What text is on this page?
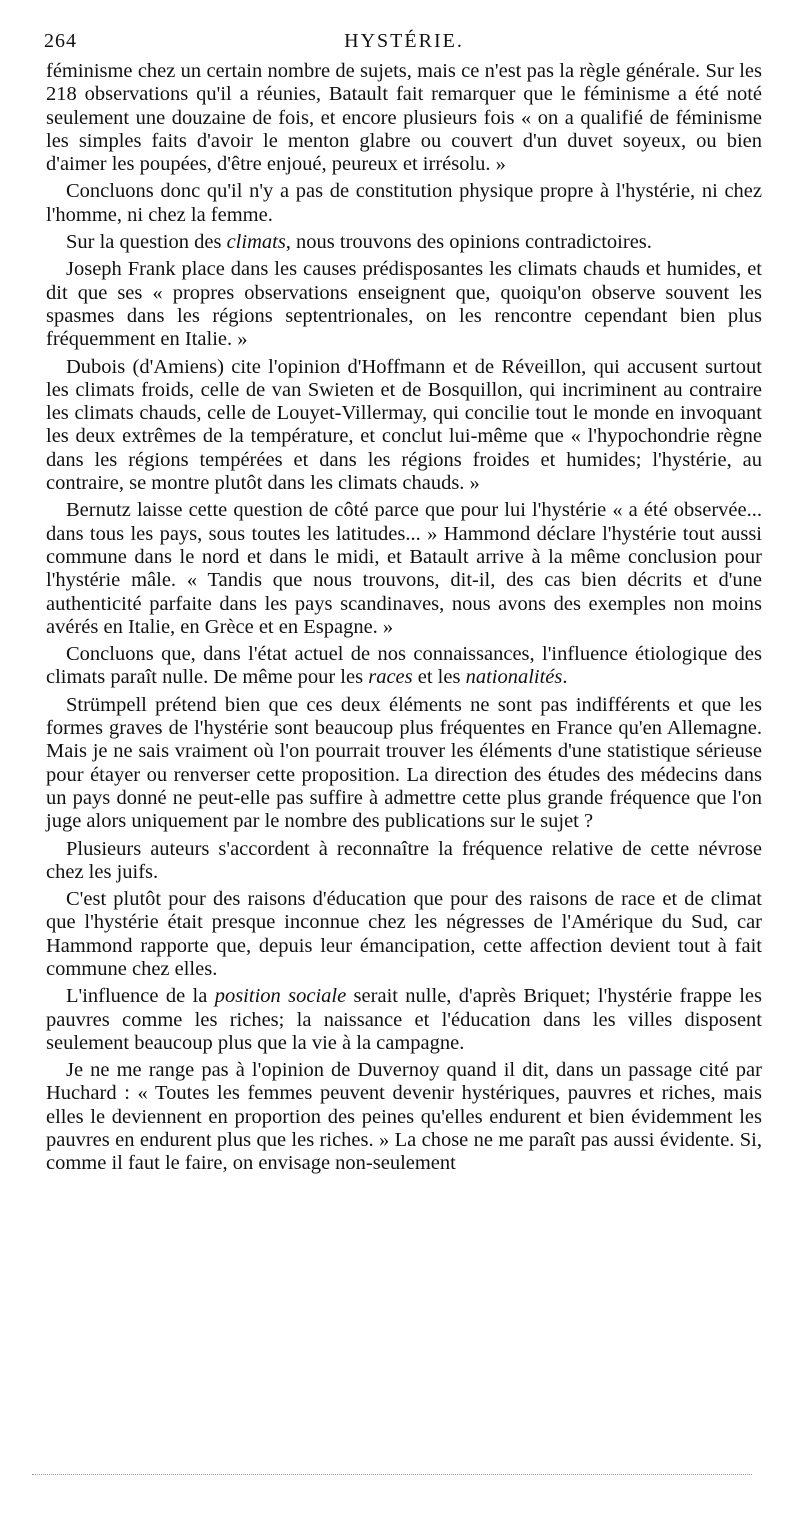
264	HYSTÉRIE.

féminisme chez un certain nombre de sujets, mais ce n'est pas la règle générale. Sur les 218 observations qu'il a réunies, Batault fait remarquer que le féminisme a été noté seulement une douzaine de fois, et encore plusieurs fois « on a qualifié de féminisme les simples faits d'avoir le menton glabre ou couvert d'un duvet soyeux, ou bien d'aimer les poupées, d'être enjoué, peureux et irrésolu. »

Concluons donc qu'il n'y a pas de constitution physique propre à l'hystérie, ni chez l'homme, ni chez la femme.

Sur la question des climats, nous trouvons des opinions contradictoires.

Joseph Frank place dans les causes prédisposantes les climats chauds et humides, et dit que ses « propres observations enseignent que, quoiqu'on observe souvent les spasmes dans les régions septentrionales, on les rencontre cependant bien plus fréquemment en Italie. »

Dubois (d'Amiens) cite l'opinion d'Hoffmann et de Réveillon, qui accusent surtout les climats froids, celle de van Swieten et de Bosquillon, qui incriminent au contraire les climats chauds, celle de Louyet-Villermay, qui concilie tout le monde en invoquant les deux extrêmes de la température, et conclut lui-même que « l'hypochondrie règne dans les régions tempérées et dans les régions froides et humides; l'hystérie, au contraire, se montre plutôt dans les climats chauds. »

Bernutz laisse cette question de côté parce que pour lui l'hystérie « a été observée... dans tous les pays, sous toutes les latitudes... » Hammond déclare l'hystérie tout aussi commune dans le nord et dans le midi, et Batault arrive à la même conclusion pour l'hystérie mâle. « Tandis que nous trouvons, dit-il, des cas bien décrits et d'une authenticité parfaite dans les pays scandinaves, nous avons des exemples non moins avérés en Italie, en Grèce et en Espagne. »

Concluons que, dans l'état actuel de nos connaissances, l'influence étiologique des climats paraît nulle. De même pour les races et les nationalités.

Strümpell prétend bien que ces deux éléments ne sont pas indifférents et que les formes graves de l'hystérie sont beaucoup plus fréquentes en France qu'en Allemagne. Mais je ne sais vraiment où l'on pourrait trouver les éléments d'une statistique sérieuse pour étayer ou renverser cette proposition. La direction des études des médecins dans un pays donné ne peut-elle pas suffire à admettre cette plus grande fréquence que l'on juge alors uniquement par le nombre des publications sur le sujet ?

Plusieurs auteurs s'accordent à reconnaître la fréquence relative de cette névrose chez les juifs.

C'est plutôt pour des raisons d'éducation que pour des raisons de race et de climat que l'hystérie était presque inconnue chez les négresses de l'Amérique du Sud, car Hammond rapporte que, depuis leur émancipation, cette affection devient tout à fait commune chez elles.

L'influence de la position sociale serait nulle, d'après Briquet; l'hystérie frappe les pauvres comme les riches; la naissance et l'éducation dans les villes disposent seulement beaucoup plus que la vie à la campagne.

Je ne me range pas à l'opinion de Duvernoy quand il dit, dans un passage cité par Huchard : « Toutes les femmes peuvent devenir hystériques, pauvres et riches, mais elles le deviennent en proportion des peines qu'elles endurent et bien évidemment les pauvres en endurent plus que les riches. » La chose ne me paraît pas aussi évidente. Si, comme il faut le faire, on envisage non-seulement
